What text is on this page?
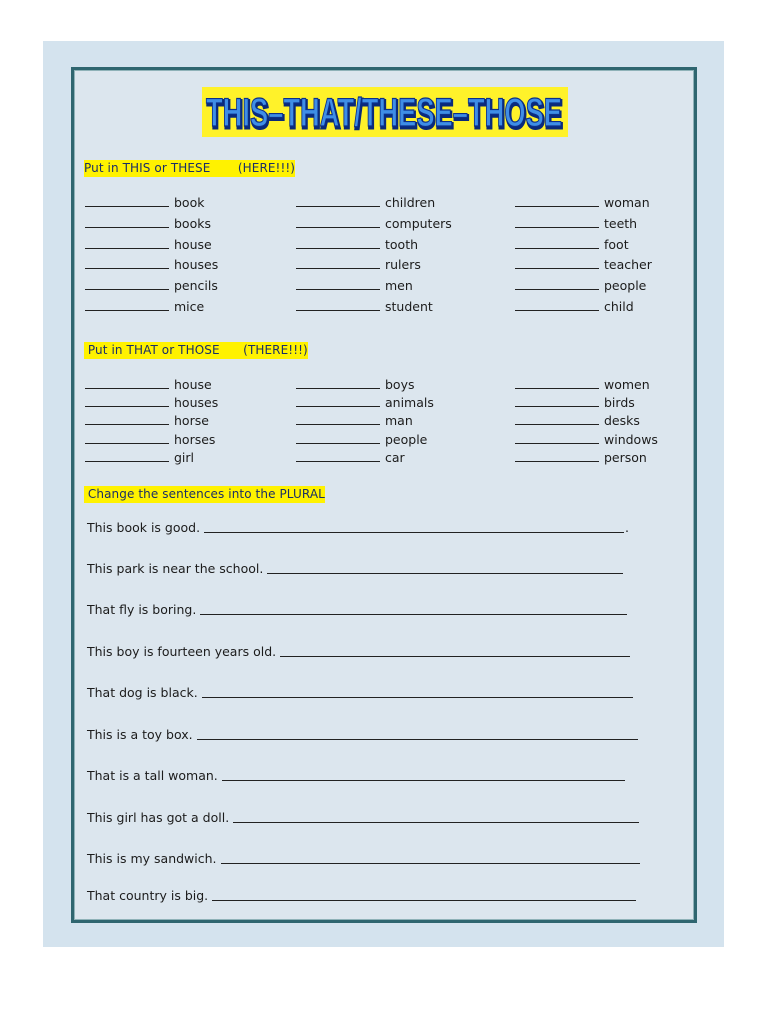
THIS–THAT/THESE–THOSE
THIS–THAT/THESE–THOSE
Put in THIS or THESE       (HERE!!!)
book
books
house
houses
pencils
mice
children
computers
tooth
rulers
men
student
woman
teeth
foot
teacher
people
child
Put in THAT or THOSE      (THERE!!!)
house
houses
horse
horses
girl
boys
animals
man
people
car
women
birds
desks
windows
person
Change the sentences into the PLURAL
This book is good.
This park is near the school.
That fly is boring.
This boy is fourteen years old.
That dog is black.
This is a toy box.
That is a tall woman.
This girl has got a doll.
This is my sandwich.
That country is big.
.
